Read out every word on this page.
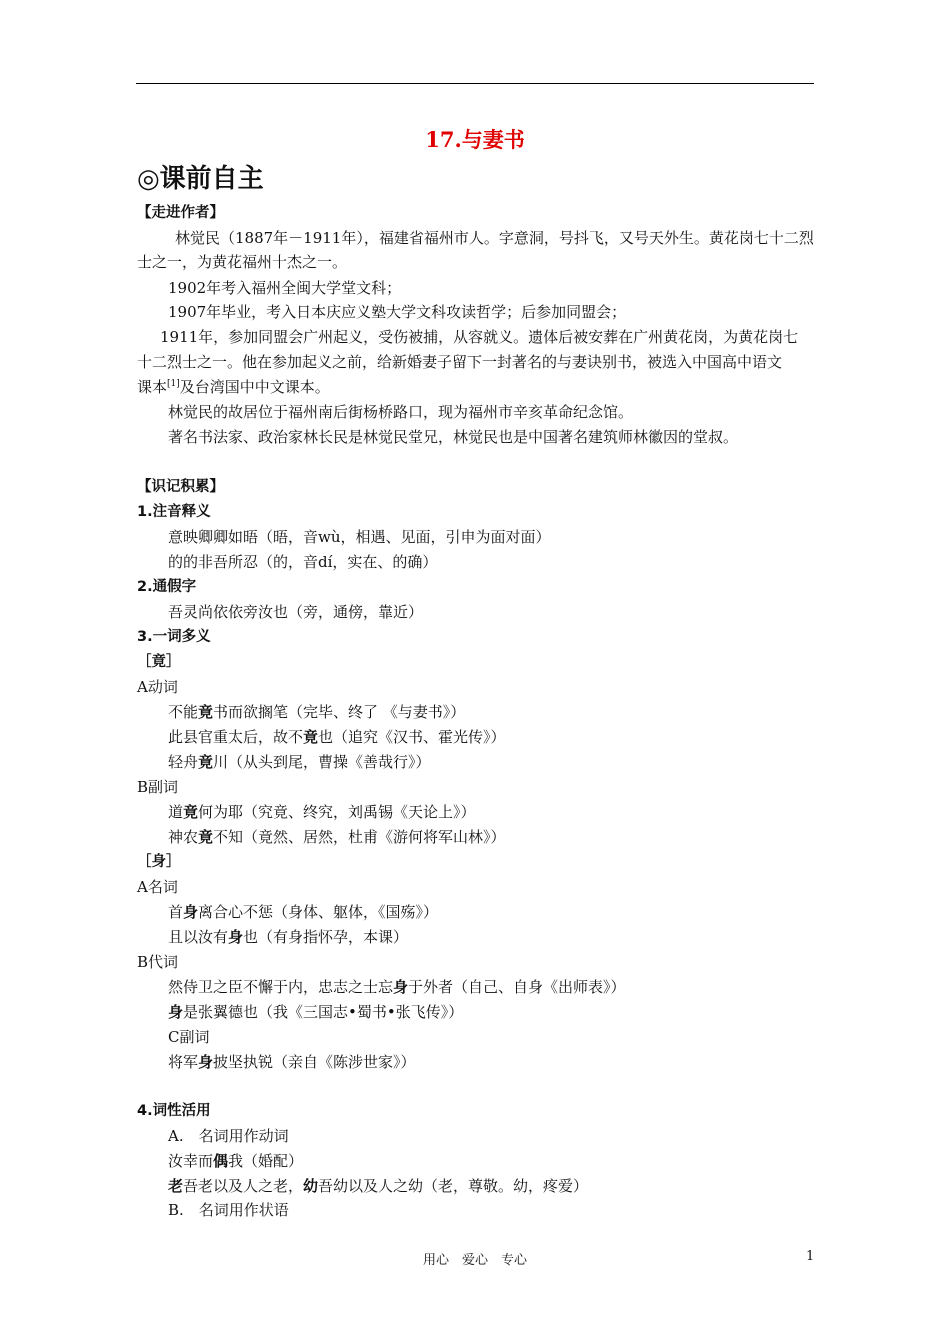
17.与妻书
◎课前自主
【走进作者】
林觉民（1887年－1911年），福建省福州市人。字意洞，号抖飞，又号天外生。黄花岗七十二烈
士之一，为黄花福州十杰之一。
1902年考入福州全闽大学堂文科；
1907年毕业，考入日本庆应义塾大学文科攻读哲学；后参加同盟会；
1911年，参加同盟会广州起义，受伤被捕，从容就义。遗体后被安葬在广州黄花岗，为黄花岗七
十二烈士之一。他在参加起义之前，给新婚妻子留下一封著名的与妻诀别书，被选入中国高中语文
课本[1]及台湾国中中文课本。
林觉民的故居位于福州南后街杨桥路口，现为福州市辛亥革命纪念馆。
著名书法家、政治家林长民是林觉民堂兄，林觉民也是中国著名建筑师林徽因的堂叔。
【识记积累】
1.注音释义
意映卿卿如晤（晤，音wù，相遇、见面，引申为面对面）
的的非吾所忍（的，音dí，实在、的确）
2.通假字
吾灵尚依依旁汝也（旁，通傍，靠近）
3.一词多义
［竟］
A动词
不能竟书而欲搁笔（完毕、终了 《与妻书》）
此县官重太后，故不竟也（追究《汉书、霍光传》）
轻舟竟川（从头到尾，曹操《善哉行》）
B副词
道竟何为耶（究竟、终究，刘禹锡《天论上》）
神农竟不知（竟然、居然，杜甫《游何将军山林》）
［身］
A名词
首身离合心不惩（身体、躯体，《国殇》）
且以汝有身也（有身指怀孕，本课）
B代词
然侍卫之臣不懈于内，忠志之士忘身于外者（自己、自身《出师表》）
身是张翼德也（我《三国志•蜀书•张飞传》）
C副词
将军身披坚执锐（亲自《陈涉世家》）
4.词性活用
A.　名词用作动词
汝幸而偶我（婚配）
老吾老以及人之老，幼吾幼以及人之幼（老，尊敬。幼，疼爱）
B.　名词用作状语
用心　爱心　专心	1
